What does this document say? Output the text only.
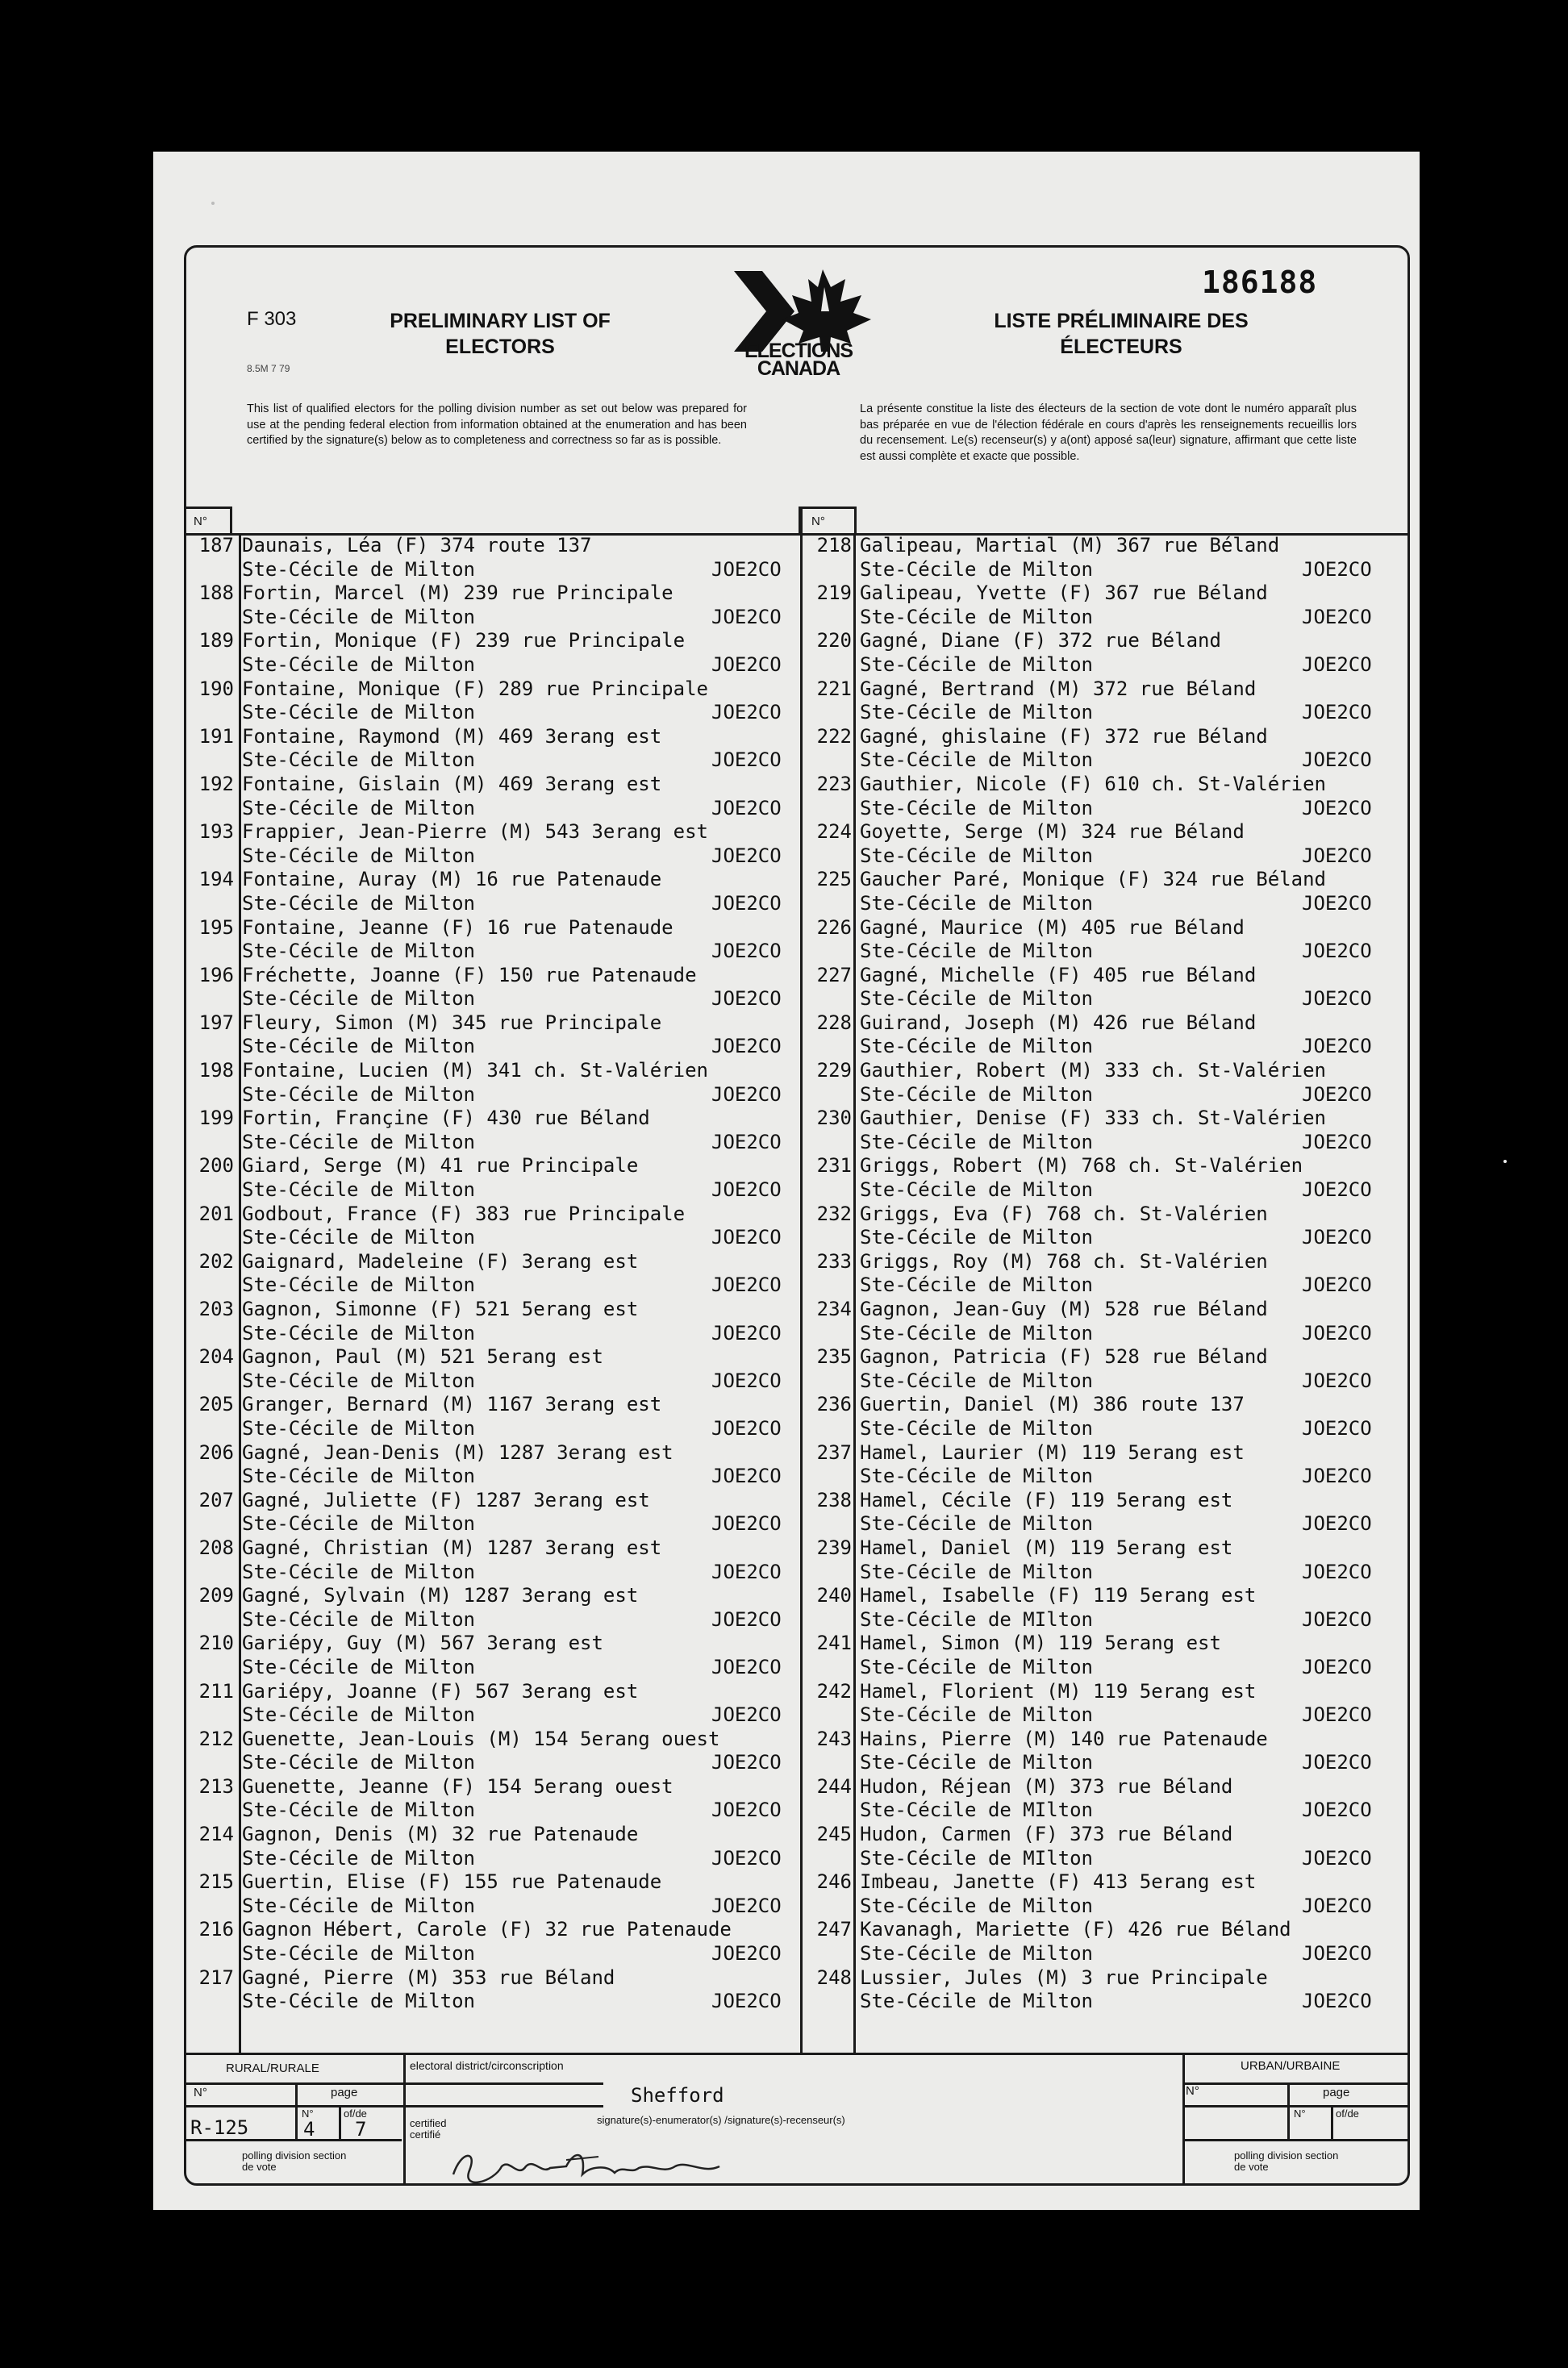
F 303
8.5M 7 79
PRELIMINARY LIST OF ELECTORS	ELECTIONS CANADA
186188
LISTE PRÉLIMINAIRE DES ÉLECTEURS
This list of qualified electors for the polling division number as set out below was prepared for use at the pending federal election from information obtained at the enumeration and has been certified by the signature(s) below as to completeness and correctness so far as is possible.
La présente constitue la liste des électeurs de la section de vote dont le numéro apparaît plus bas préparée en vue de l'élection fédérale en cours d'après les renseignements recueillis lors du recensement. Le(s) recenseur(s) y a(ont) apposé sa(leur) signature, affirmant que cette liste est aussi complète et exacte que possible.
N°	N°
187 Daunais, Léa (F) 374 route 137
Ste-Cécile de Milton	JOE2CO
188 Fortin, Marcel (M) 239 rue Principale
Ste-Cécile de Milton	JOE2CO
189 Fortin, Monique (F) 239 rue Principale
Ste-Cécile de Milton	JOE2CO
190 Fontaine, Monique (F) 289 rue Principale
Ste-Cécile de Milton	JOE2CO
191 Fontaine, Raymond (M) 469 3erang est
Ste-Cécile de Milton	JOE2CO
192 Fontaine, Gislain (M) 469 3erang est
Ste-Cécile de Milton	JOE2CO
193 Frappier, Jean-Pierre (M) 543 3erang est
Ste-Cécile de Milton	JOE2CO
194 Fontaine, Auray (M) 16 rue Patenaude
Ste-Cécile de Milton	JOE2CO
195 Fontaine, Jeanne (F) 16 rue Patenaude
Ste-Cécile de Milton	JOE2CO
196 Fréchette, Joanne (F) 150 rue Patenaude
Ste-Cécile de Milton	JOE2CO
197 Fleury, Simon (M) 345 rue Principale
Ste-Cécile de Milton	JOE2CO
198 Fontaine, Lucien (M) 341 ch. St-Valérien
Ste-Cécile de Milton	JOE2CO
199 Fortin, Françine (F) 430 rue Béland
Ste-Cécile de Milton	JOE2CO
200 Giard, Serge (M) 41 rue Principale
Ste-Cécile de Milton	JOE2CO
201 Godbout, France (F) 383 rue Principale
Ste-Cécile de Milton	JOE2CO
202 Gaignard, Madeleine (F) 3erang est
Ste-Cécile de Milton	JOE2CO
203 Gagnon, Simonne (F) 521 5erang est
Ste-Cécile de Milton	JOE2CO
204 Gagnon, Paul (M) 521 5erang est
Ste-Cécile de Milton	JOE2CO
205 Granger, Bernard (M) 1167 3erang est
Ste-Cécile de Milton	JOE2CO
206 Gagné, Jean-Denis (M) 1287 3erang est
Ste-Cécile de Milton	JOE2CO
207 Gagné, Juliette (F) 1287 3erang est
Ste-Cécile de Milton	JOE2CO
208 Gagné, Christian (M) 1287 3erang est
Ste-Cécile de Milton	JOE2CO
209 Gagné, Sylvain (M) 1287 3erang est
Ste-Cécile de Milton	JOE2CO
210 Gariépy, Guy (M) 567 3erang est
Ste-Cécile de Milton	JOE2CO
211 Gariépy, Joanne (F) 567 3erang est
Ste-Cécile de Milton	JOE2CO
212 Guenette, Jean-Louis (M) 154 5erang ouest
Ste-Cécile de Milton	JOE2CO
213 Guenette, Jeanne (F) 154 5erang ouest
Ste-Cécile de Milton	JOE2CO
214 Gagnon, Denis (M) 32 rue Patenaude
Ste-Cécile de Milton	JOE2CO
215 Guertin, Elise (F) 155 rue Patenaude
Ste-Cécile de Milton	JOE2CO
216 Gagnon Hébert, Carole (F) 32 rue Patenaude
Ste-Cécile de Milton	JOE2CO
217 Gagné, Pierre (M) 353 rue Béland
Ste-Cécile de Milton	JOE2CO
218 Galipeau, Martial (M) 367 rue Béland
Ste-Cécile de Milton	JOE2CO
219 Galipeau, Yvette (F) 367 rue Béland
Ste-Cécile de Milton	JOE2CO
220 Gagné, Diane (F) 372 rue Béland
Ste-Cécile de Milton	JOE2CO
221 Gagné, Bertrand (M) 372 rue Béland
Ste-Cécile de Milton	JOE2CO
222 Gagné, ghislaine (F) 372 rue Béland
Ste-Cécile de Milton	JOE2CO
223 Gauthier, Nicole (F) 610 ch. St-Valérien
Ste-Cécile de Milton	JOE2CO
224 Goyette, Serge (M) 324 rue Béland
Ste-Cécile de Milton	JOE2CO
225 Gaucher Paré, Monique (F) 324 rue Béland
Ste-Cécile de Milton	JOE2CO
226 Gagné, Maurice (M) 405 rue Béland
Ste-Cécile de Milton	JOE2CO
227 Gagné, Michelle (F) 405 rue Béland
Ste-Cécile de Milton	JOE2CO
228 Guirand, Joseph (M) 426 rue Béland
Ste-Cécile de Milton	JOE2CO
229 Gauthier, Robert (M) 333 ch. St-Valérien
Ste-Cécile de Milton	JOE2CO
230 Gauthier, Denise (F) 333 ch. St-Valérien
Ste-Cécile de Milton	JOE2CO
231 Griggs, Robert (M) 768 ch. St-Valérien
Ste-Cécile de Milton	JOE2CO
232 Griggs, Eva (F) 768 ch. St-Valérien
Ste-Cécile de Milton	JOE2CO
233 Griggs, Roy (M) 768 ch. St-Valérien
Ste-Cécile de Milton	JOE2CO
234 Gagnon, Jean-Guy (M) 528 rue Béland
Ste-Cécile de Milton	JOE2CO
235 Gagnon, Patricia (F) 528 rue Béland
Ste-Cécile de Milton	JOE2CO
236 Guertin, Daniel (M) 386 route 137
Ste-Cécile de Milton	JOE2CO
237 Hamel, Laurier (M) 119 5erang est
Ste-Cécile de Milton	JOE2CO
238 Hamel, Cécile (F) 119 5erang est
Ste-Cécile de Milton	JOE2CO
239 Hamel, Daniel (M) 119 5erang est
Ste-Cécile de Milton	JOE2CO
240 Hamel, Isabelle (F) 119 5erang est
Ste-Cécile de MIlton	JOE2CO
241 Hamel, Simon (M) 119 5erang est
Ste-Cécile de Milton	JOE2CO
242 Hamel, Florient (M) 119 5erang est
Ste-Cécile de Milton	JOE2CO
243 Hains, Pierre (M) 140 rue Patenaude
Ste-Cécile de Milton	JOE2CO
244 Hudon, Réjean (M) 373 rue Béland
Ste-Cécile de MIlton	JOE2CO
245 Hudon, Carmen (F) 373 rue Béland
Ste-Cécile de MIlton	JOE2CO
246 Imbeau, Janette (F) 413 5erang est
Ste-Cécile de Milton	JOE2CO
247 Kavanagh, Mariette (F) 426 rue Béland
Ste-Cécile de Milton	JOE2CO
248 Lussier, Jules (M) 3 rue Principale
Ste-Cécile de Milton	JOE2CO
RURAL/RURALE	electoral district/circonscription	URBAN/URBAINE
N°	page
N°	of/de
N°	page
N°	of/de
Shefford
R-125	4 7	certified certifié
signature(s)-enumerator(s) /signature(s)-recenseur(s)
polling division section de vote
polling division section de vote
